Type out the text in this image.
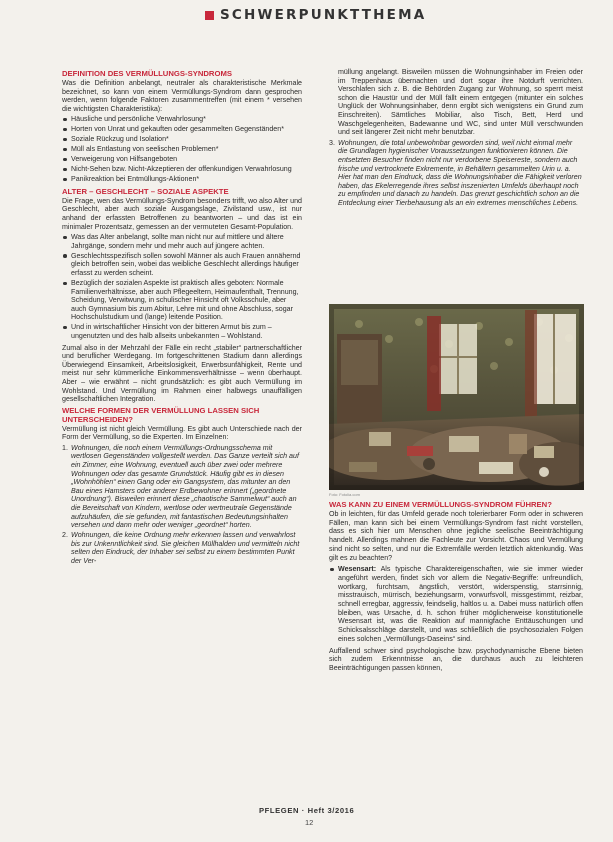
SCHWERPUNKTTHEMA
DEFINITION DES VERMÜLLUNGS-SYNDROMS

Was die Definition anbelangt, neutraler als charakteristische Merkmale bezeichnet, so kann von einem Vermüllungs-Syndrom dann gesprochen werden, wenn folgende Faktoren zusammentreffen (mit einem * versehen die wichtigsten Charakteristika):

Häusliche und persönliche Verwahrlosung*
Horten von Unrat und gekauften oder gesammelten Gegenständen*
Soziale Rückzug und Isolation*
Müll als Entlastung von seelischen Problemen*
Verweigerung von Hilfsangeboten
Nicht-Sehen bzw. Nicht-Akzeptieren der offenkundigen Verwahrlosung
Panikreaktion bei Entmüllungs-Aktionen*
ALTER – GESCHLECHT – SOZIALE ASPEKTE

Die Frage, wen das Vermüllungs-Syndrom besonders trifft, wo also Alter und Geschlecht, aber auch soziale Ausgangslage, Zivilstand usw., ist nur anhand der erfassten Betroffenen zu beantworten – und das ist ein minimaler Prozentsatz, gemessen an der vermuteten Gesamt-Population.

Was das Alter anbelangt, sollte man nicht nur auf mittlere und ältere Jahrgänge, sondern mehr und mehr auch auf jüngere achten.
Geschlechtsspezifisch sollen sowohl Männer als auch Frauen annähernd gleich betroffen sein, wobei das weibliche Geschlecht allerdings häufiger erfasst zu werden scheint.
Bezüglich der sozialen Aspekte ist praktisch alles geboten: Normale Familienverhältnisse, aber auch Pflegeeltern, Heimaufenthalt, Trennung, Scheidung, Verwitwung, in schulischer Hinsicht oft Volksschule, aber auch Gymnasium bis zum Abitur, Lehre mit und ohne Abschluss, sogar Hochschulstudium und (lange) leitende Position.
Und in wirtschaftlicher Hinsicht von der bitteren Armut bis zum – ungenutzten und des halb allseits unbekannten – Wohlstand.

Zumal also in der Mehrzahl der Fälle ein recht „stabiler“ partnerschaftlicher und beruflicher Werdegang. Im fortgeschrittenen Stadium dann allerdings Überwiegend Einsamkeit, Arbeitslosigkeit, Erwerbsunfähigkeit, Rente und meist nur sehr kümmerliche Einkommensverhältnisse – wenn überhaupt. Aber – wie erwähnt – nicht grundsätzlich: es gibt auch Vermüllung im Wohlstand. Und Vermüllung im Rahmen einer halbwegs unauffälligen gesellschaftlichen Integration.

WELCHE FORMEN DER VERMÜLLUNG LASSEN SICH UNTERSCHEIDEN?

Vermüllung ist nicht gleich Vermüllung. Es gibt auch Unterschiede nach der Form der Vermüllung, so die Experten. Im Einzelnen:

1. Wohnungen, die noch einem Vermüllungs-Ordnungsschema mit wertlosen Gegenständen vollgestellt werden. Das Ganze verteilt sich auf ein Zimmer, eine Wohnung, eventuell auch über zwei oder mehrere Wohnungen oder das gesamte Grundstück. Häufig gibt es in diesen „Wohnhöhlen“ einen Gang oder ein Gangsystem, das mitunter an den Bau eines Hamsters oder anderer Erdbewohner erinnert („geordnete Unordnung“). Bisweilen erinnert diese „chaotische Sammelwut“ auch an die Bereitschaft von Kindern, wertlose oder wertneutrale Gegenstände aufzuhäufen, die sie gefunden, mit fantastischen Bedeutungsinhalten versehen und dann mehr oder weniger „geordnet“ horten.
2. Wohnungen, die keine Ordnung mehr erkennen lassen und verwahrlost bis zur Unkenntlichkeit sind. Sie gleichen Müllhalden und vermitteln nicht selten den Eindruck, der Inhaber sei selbst zu einem bestimmten Punkt der Ver-

müllung angelangt. Bisweilen müssen die Wohnungsinhaber im Freien oder im Treppenhaus übernachten und dort sogar ihre Notdurft verrichten. Verschlafen sich z. B. die Behörden Zugang zur Wohnung, so sperrt meist schon die Haustür und der Müll fällt einem entgegen (mitunter ein solches Unglück der Wohnungsinhaber, denn ergibt sich wenigstens ein Grund zum Einschreiten). Sämtliches Mobiliar, also Tisch, Bett, Herd und Waschgelegenheiten, Badewanne und WC, sind unter Müll verschwunden und seit längerer Zeit nicht mehr benutzbar.

3. Wohnungen, die total unbewohnbar geworden sind, weil nicht einmal mehr die Grundlagen hygienischer Voraussetzungen funktionieren können. Die entsetzten Besucher finden nicht nur verdorbene Speisereste, sondern auch frische und vertrocknete Exkremente, in Behältern gesammelten Urin u. a. Hier hat man den Eindruck, dass die Wohnungsinhaber die Fähigkeit verloren haben, das Ekelerregende ihres selbst inszenierten Umfelds überhaupt noch zu empfinden und danach zu handeln. Das grenzt geschichtlich schon an die Entdeckung einer Tierbehausung als an ein extremes menschliches Lebens.
Foto: Fotolia.com
WAS KANN ZU EINEM VERMÜLLUNGS-SYNDROM FÜHREN?

Ob in leichten, für das Umfeld gerade noch tolerierbarer Form oder in schweren Fällen, man kann sich bei einem Vermüllungs-Syndrom fast nicht vorstellen, dass es sich hier um Menschen ohne jegliche seelische Beeinträchtigung handelt. Allerdings mahnen die Fachleute zur Vorsicht. Chaos und Vermüllung sind nicht so selten, und nur die Extremfälle werden letztlich aktenkundig. Was gilt es zu beachten?

Wesensart: Als typische Charaktereigenschaften, wie sie immer wieder angeführt werden, findet sich vor allem die Negativ-Begriffe: unfreundlich, wortkarg, furchtsam, ängstlich, verstört, widerspenstig, starrsinnig, misstrauisch, mürrisch, beziehungsarm, vorwurfsvoll, missgestimmt, reizbar, schnell erregbar, aggressiv, feindselig, haltlos u. a. Dabei muss natürlich offen bleiben, was Ursache, d. h. schon früher möglicherweise konstitutionelle Wesensart ist, was die Reaktion auf mannigfache Enttäuschungen und Schicksalsschläge darstellt, und was schließlich die psychosozialen Folgen eines solchen „Vermüllungs-Daseins“ sind.

Auffallend schwer sind psychologische bzw. psychodynamische Ebene bieten sich zudem Erkenntnisse an, die durchaus auch zu leichteren Beeinträchtigungen passen können,

PFLEGEN · Heft 3/2016
12
